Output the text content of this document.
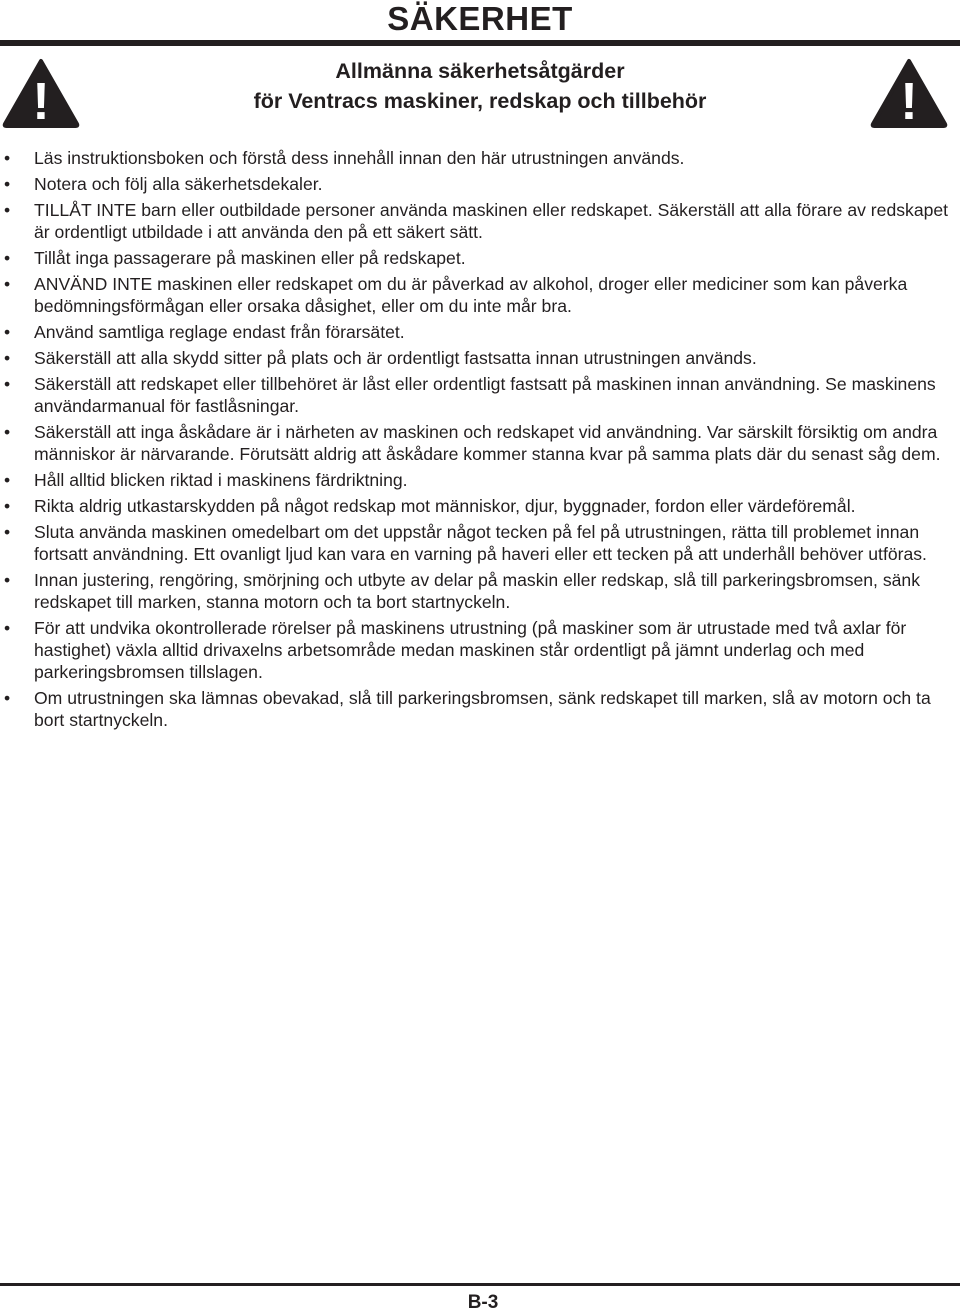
SÄKERHET
!
Allmänna säkerhetsåtgärder
för Ventracs maskiner, redskap och tillbehör	!
•	Läs instruktionsboken och förstå dess innehåll innan den här utrustningen används.
•	Notera och följ alla säkerhetsdekaler.
•	TILLÅT INTE barn eller outbildade personer använda maskinen eller redskapet. Säkerställ att alla förare av redskapet är ordentligt utbildade i att använda den på ett säkert sätt.
•	Tillåt inga passagerare på maskinen eller på redskapet.
•	ANVÄND INTE maskinen eller redskapet om du är påverkad av alkohol, droger eller mediciner som kan påverka bedömningsförmågan eller orsaka dåsighet, eller om du inte mår bra.
•	Använd samtliga reglage endast från förarsätet.
•	Säkerställ att alla skydd sitter på plats och är ordentligt fastsatta innan utrustningen används.
•	Säkerställ att redskapet eller tillbehöret är låst eller ordentligt fastsatt på maskinen innan användning. Se maskinens användarmanual för fastlåsningar.
•	Säkerställ att inga åskådare är i närheten av maskinen och redskapet vid användning. Var särskilt försiktig om andra människor är närvarande. Förutsätt aldrig att åskådare kommer stanna kvar på samma plats där du senast såg dem.
•	Håll alltid blicken riktad i maskinens färdriktning.
•	Rikta aldrig utkastarskydden på något redskap mot människor, djur, byggnader, fordon eller värdeföremål.
•	Sluta använda maskinen omedelbart om det uppstår något tecken på fel på utrustningen, rätta till problemet innan fortsatt användning. Ett ovanligt ljud kan vara en varning på haveri eller ett tecken på att underhåll behöver utföras.
•	Innan justering, rengöring, smörjning och utbyte av delar på maskin eller redskap, slå till parkeringsbromsen, sänk redskapet till marken, stanna motorn och ta bort startnyckeln.
•	För att undvika okontrollerade rörelser på maskinens utrustning (på maskiner som är utrustade med två axlar för hastighet) växla alltid drivaxelns arbetsområde medan maskinen står ordentligt på jämnt underlag och med parkeringsbromsen tillslagen.
•	Om utrustningen ska lämnas obevakad, slå till parkeringsbromsen, sänk redskapet till marken, slå av motorn och ta bort startnyckeln.
B-3
